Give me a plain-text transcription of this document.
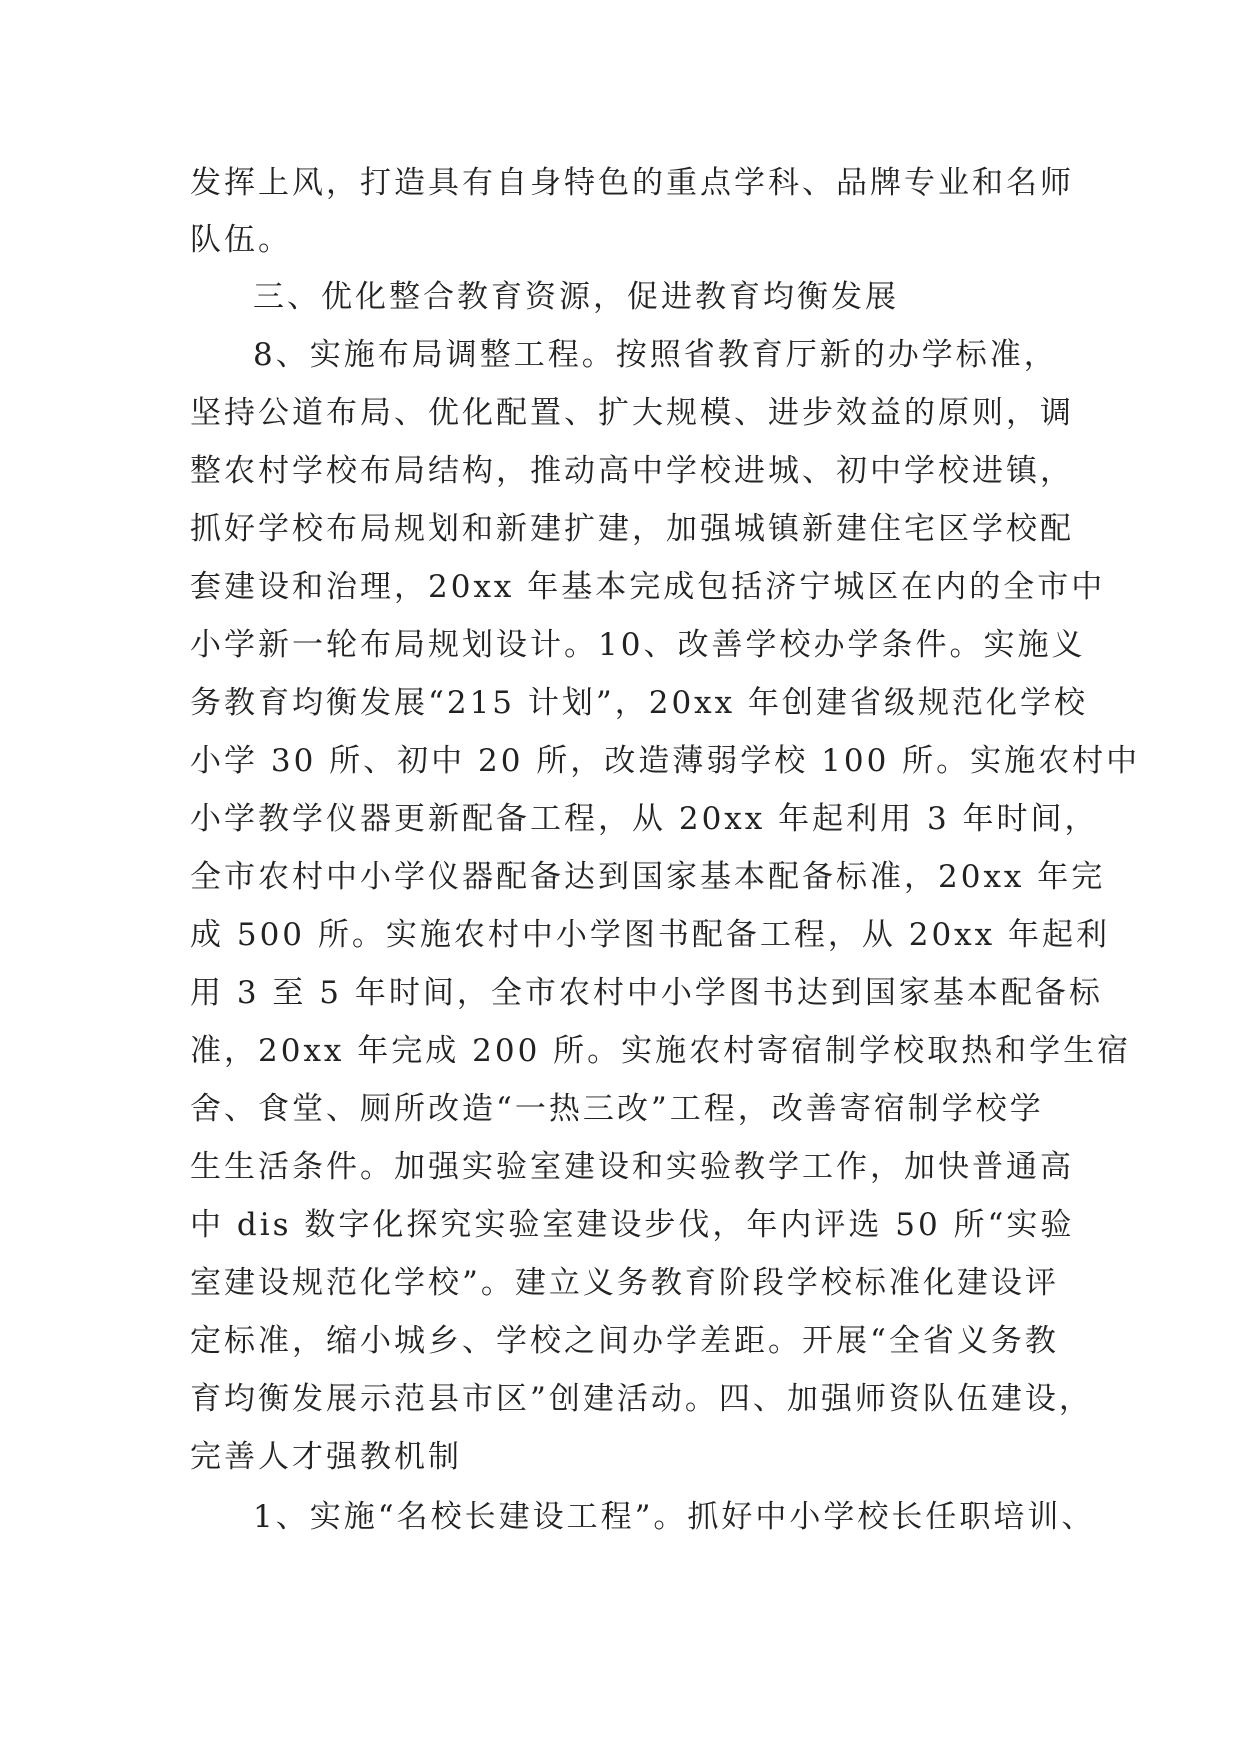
发挥上风，打造具有自身特色的重点学科、品牌专业和名师
队伍。
三、优化整合教育资源，促进教育均衡发展
8、实施布局调整工程。按照省教育厅新的办学标准，
坚持公道布局、优化配置、扩大规模、进步效益的原则，调
整农村学校布局结构，推动高中学校进城、初中学校进镇，
抓好学校布局规划和新建扩建，加强城镇新建住宅区学校配
套建设和治理，20xx 年基本完成包括济宁城区在内的全市中
小学新一轮布局规划设计。10、改善学校办学条件。实施义
务教育均衡发展“215 计划”，20xx 年创建省级规范化学校
小学 30 所、初中 20 所，改造薄弱学校 100 所。实施农村中
小学教学仪器更新配备工程，从 20xx 年起利用 3 年时间，
全市农村中小学仪器配备达到国家基本配备标准，20xx 年完
成 500 所。实施农村中小学图书配备工程，从 20xx 年起利
用 3 至 5 年时间，全市农村中小学图书达到国家基本配备标
准，20xx 年完成 200 所。实施农村寄宿制学校取热和学生宿
舍、食堂、厕所改造“一热三改”工程，改善寄宿制学校学
生生活条件。加强实验室建设和实验教学工作，加快普通高
中 dis 数字化探究实验室建设步伐，年内评选 50 所“实验
室建设规范化学校”。建立义务教育阶段学校标准化建设评
定标准，缩小城乡、学校之间办学差距。开展“全省义务教
育均衡发展示范县市区”创建活动。四、加强师资队伍建设，
完善人才强教机制
1、实施“名校长建设工程”。抓好中小学校长任职培训、
